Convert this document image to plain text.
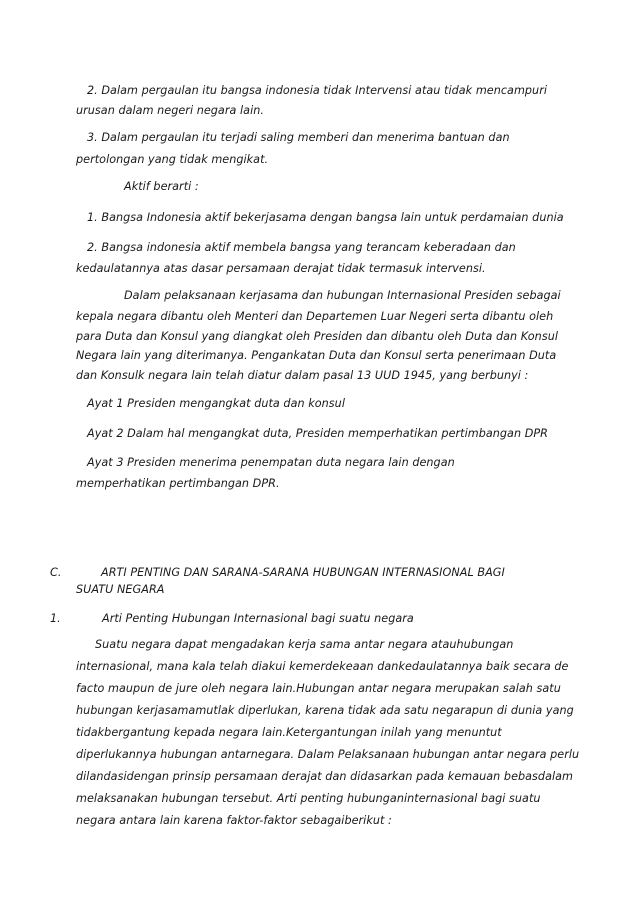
2. Dalam pergaulan itu bangsa indonesia tidak Intervensi atau tidak mencampuri
urusan dalam negeri negara lain.
3. Dalam pergaulan itu terjadi saling memberi dan menerima bantuan dan
pertolongan yang tidak mengikat.
Aktif berarti :
1. Bangsa Indonesia aktif bekerjasama dengan bangsa lain untuk perdamaian dunia
2. Bangsa indonesia aktif membela bangsa yang terancam keberadaan dan
kedaulatannya atas dasar persamaan derajat tidak termasuk intervensi.
Dalam pelaksanaan kerjasama dan hubungan Internasional Presiden sebagai
kepala negara dibantu oleh Menteri dan Departemen Luar Negeri serta dibantu oleh
para Duta dan Konsul yang diangkat oleh Presiden dan dibantu oleh Duta dan Konsul
Negara lain yang diterimanya. Pengankatan Duta dan Konsul serta penerimaan Duta
dan Konsulk negara lain telah diatur dalam pasal 13 UUD 1945, yang berbunyi :
Ayat 1 Presiden mengangkat duta dan konsul
Ayat 2 Dalam hal mengangkat duta, Presiden memperhatikan pertimbangan DPR
Ayat 3 Presiden menerima penempatan duta negara lain dengan
memperhatikan pertimbangan DPR.
C.	ARTI PENTING DAN SARANA-SARANA HUBUNGAN INTERNASIONAL BAGI
SUATU NEGARA
1.	Arti Penting Hubungan Internasional bagi suatu negara
Suatu negara dapat mengadakan kerja sama antar negara atauhubungan
internasional, mana kala telah diakui kemerdekeaan dankedaulatannya baik secara de
facto maupun de jure oleh negara lain.Hubungan antar negara merupakan salah satu
hubungan kerjasamamutlak diperlukan, karena tidak ada satu negarapun di dunia yang
tidakbergantung kepada negara lain.Ketergantungan inilah yang menuntut
diperlukannya hubungan antarnegara. Dalam Pelaksanaan hubungan antar negara perlu
dilandasidengan prinsip persamaan derajat dan didasarkan pada kemauan bebasdalam
melaksanakan hubungan tersebut. Arti penting hubunganinternasional bagi suatu
negara antara lain karena faktor-faktor sebagaiberikut :
